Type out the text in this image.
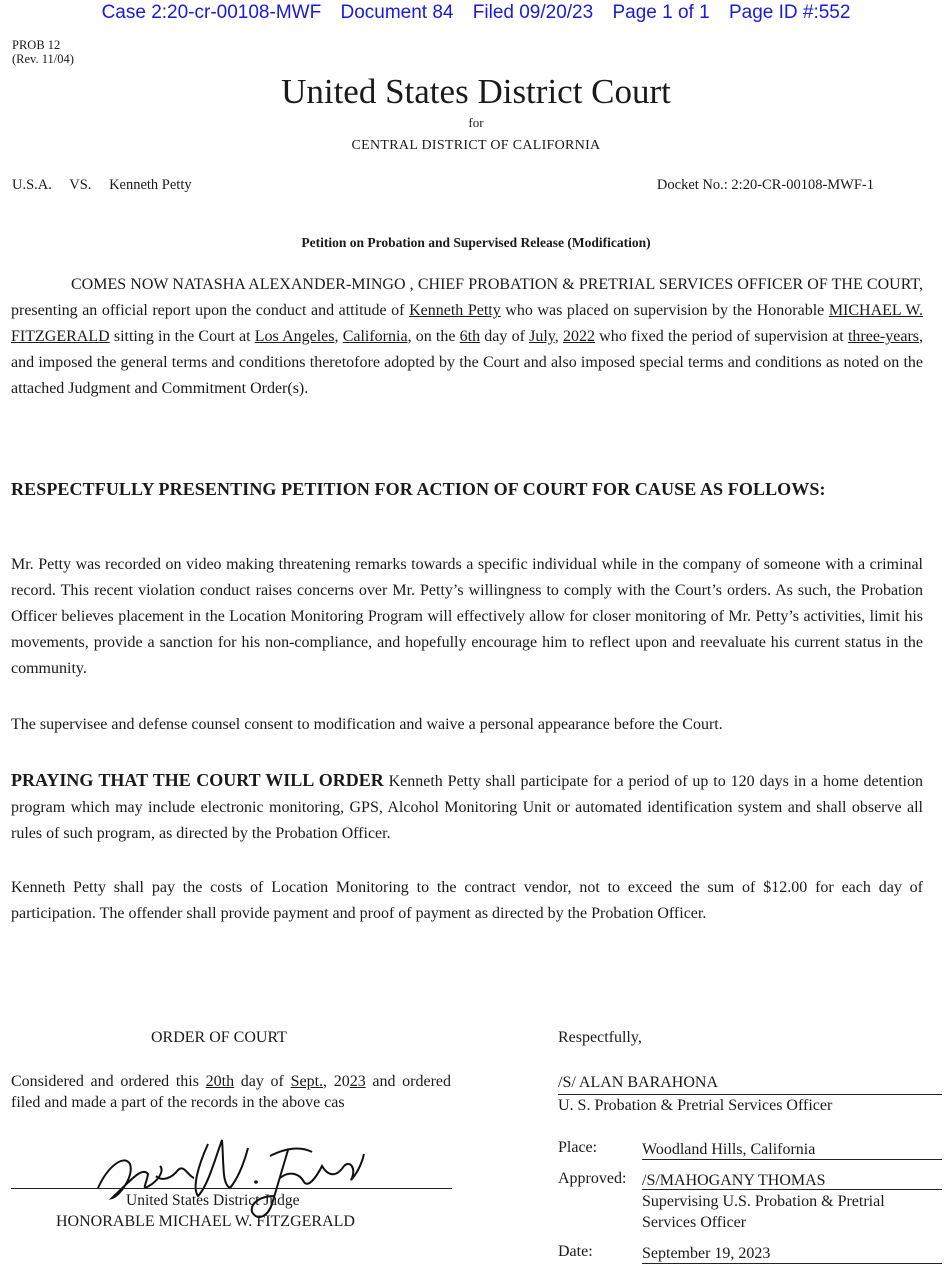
Case 2:20-cr-00108-MWF Document 84 Filed 09/20/23 Page 1 of 1 Page ID #:552
PROB 12
(Rev. 11/04)
United States District Court
for
CENTRAL DISTRICT OF CALIFORNIA
U.S.A. VS. Kenneth Petty	Docket No.: 2:20-CR-00108-MWF-1
Petition on Probation and Supervised Release (Modification)
COMES NOW NATASHA ALEXANDER-MINGO , CHIEF PROBATION & PRETRIAL SERVICES OFFICER OF THE COURT, presenting an official report upon the conduct and attitude of Kenneth Petty who was placed on supervision by the Honorable MICHAEL W. FITZGERALD sitting in the Court at Los Angeles, California, on the 6th day of July, 2022 who fixed the period of supervision at three-years, and imposed the general terms and conditions theretofore adopted by the Court and also imposed special terms and conditions as noted on the attached Judgment and Commitment Order(s).
RESPECTFULLY PRESENTING PETITION FOR ACTION OF COURT FOR CAUSE AS FOLLOWS:
Mr. Petty was recorded on video making threatening remarks towards a specific individual while in the company of someone with a criminal record. This recent violation conduct raises concerns over Mr. Petty’s willingness to comply with the Court’s orders. As such, the Probation Officer believes placement in the Location Monitoring Program will effectively allow for closer monitoring of Mr. Petty’s activities, limit his movements, provide a sanction for his non-compliance, and hopefully encourage him to reflect upon and reevaluate his current status in the community.
The supervisee and defense counsel consent to modification and waive a personal appearance before the Court.
PRAYING THAT THE COURT WILL ORDER Kenneth Petty shall participate for a period of up to 120 days in a home detention program which may include electronic monitoring, GPS, Alcohol Monitoring Unit or automated identification system and shall observe all rules of such program, as directed by the Probation Officer.
Kenneth Petty shall pay the costs of Location Monitoring to the contract vendor, not to exceed the sum of $12.00 for each day of participation. The offender shall provide payment and proof of payment as directed by the Probation Officer.
ORDER OF COURT
Considered and ordered this 20th day of Sept., 2023 and ordered filed and made a part of the records in the above cas
United States District Judge
HONORABLE MICHAEL W. FITZGERALD
Respectfully,
/S/ ALAN BARAHONA
U. S. Probation & Pretrial Services Officer
Place:	Woodland Hills, California
Approved: /S/MAHOGANY THOMAS
Supervising U.S. Probation & Pretrial
Services Officer
Date:	September 19, 2023
